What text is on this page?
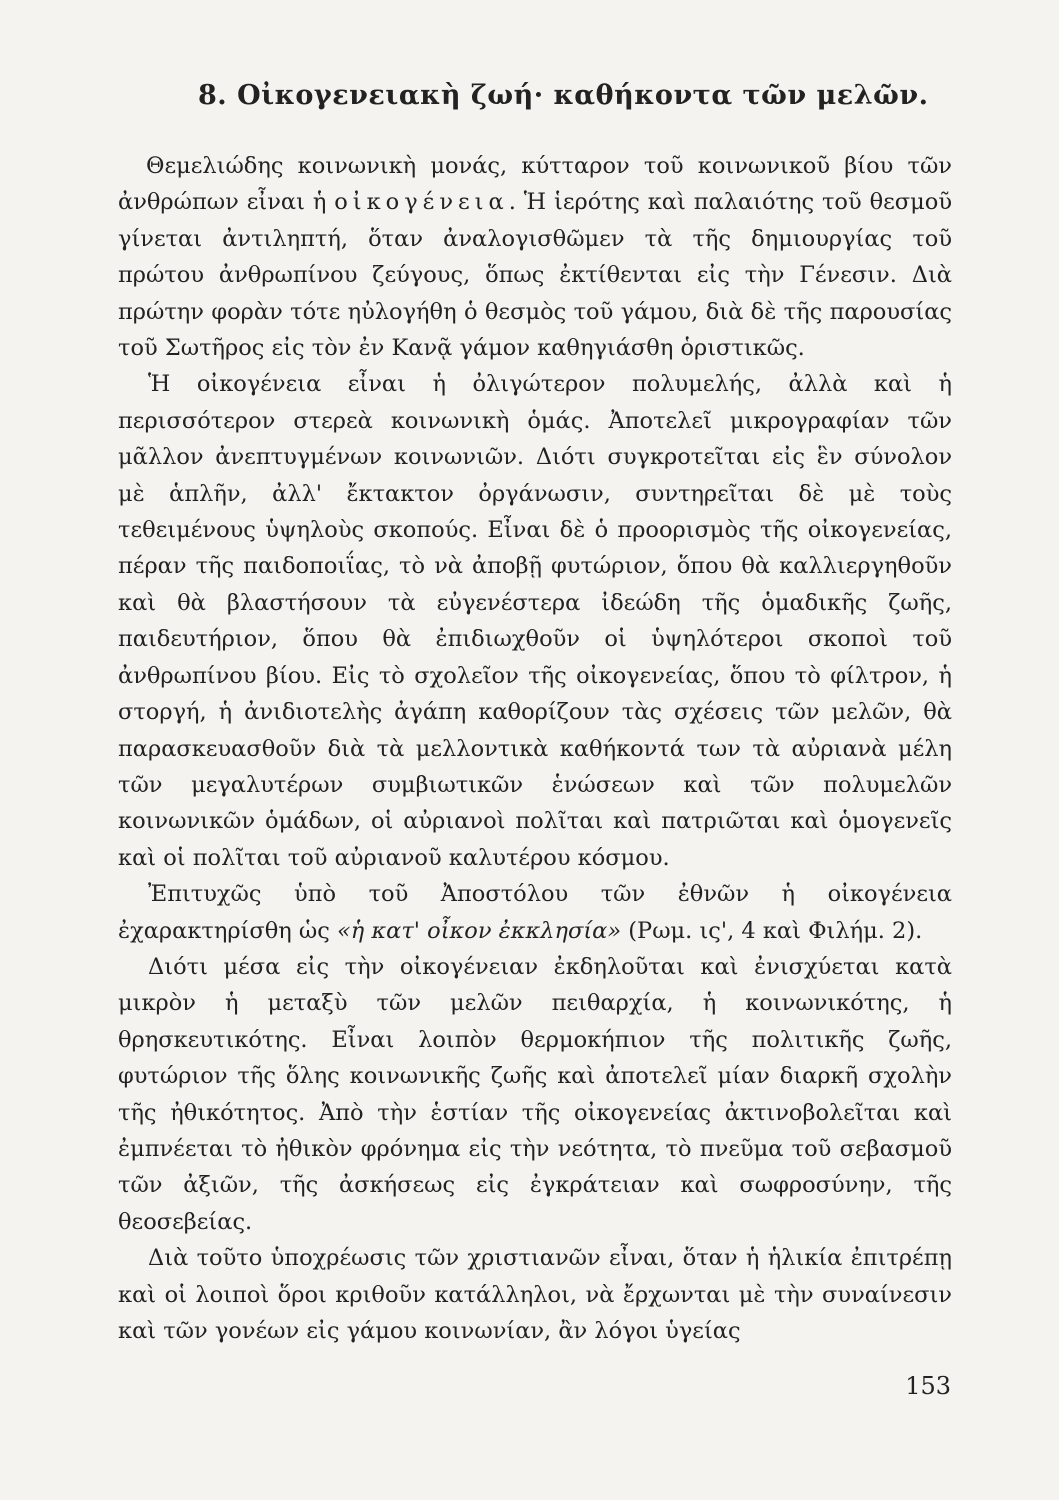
8. Οἰκογενειακὴ ζωή· καθήκοντα τῶν μελῶν.

Θεμελιώδης κοινωνικὴ μονάς, κύτταρον τοῦ κοινωνικοῦ βίου τῶν ἀνθρώπων εἶναι ἡ οἰκογένεια. Ἡ ἱερότης καὶ παλαιότης τοῦ θεσμοῦ γίνεται ἀντιληπτή, ὅταν ἀναλογισθῶμεν τὰ τῆς δημιουργίας τοῦ πρώτου ἀνθρωπίνου ζεύγους, ὅπως ἐκτίθενται εἰς τὴν Γένεσιν. Διὰ πρώτην φορὰν τότε ηὐλογήθη ὁ θεσμὸς τοῦ γάμου, διὰ δὲ τῆς παρουσίας τοῦ Σωτῆρος εἰς τὸν ἐν Κανᾷ γάμον καθηγιάσθη ὁριστικῶς.

Ἡ οἰκογένεια εἶναι ἡ ὀλιγώτερον πολυμελής, ἀλλὰ καὶ ἡ περισσότερον στερεὰ κοινωνικὴ ὁμάς. Ἀποτελεῖ μικρογραφίαν τῶν μᾶλλον ἀνεπτυγμένων κοινωνιῶν. Διότι συγκροτεῖται εἰς ἓν σύνολον μὲ ἁπλῆν, ἀλλ' ἔκτακτον ὀργάνωσιν, συντηρεῖται δὲ μὲ τοὺς τεθειμένους ὑψηλοὺς σκοπούς. Εἶναι δὲ ὁ προορισμὸς τῆς οἰκογενείας, πέραν τῆς παιδοποιΐας, τὸ νὰ ἀποβῇ φυτώριον, ὅπου θὰ καλλιεργηθοῦν καὶ θὰ βλαστήσουν τὰ εὐγενέστερα ἰδεώδη τῆς ὁμαδικῆς ζωῆς, παιδευτήριον, ὅπου θὰ ἐπιδιωχθοῦν οἱ ὑψηλότεροι σκοποὶ τοῦ ἀνθρωπίνου βίου. Εἰς τὸ σχολεῖον τῆς οἰκογενείας, ὅπου τὸ φίλτρον, ἡ στοργή, ἡ ἀνιδιοτελὴς ἀγάπη καθορίζουν τὰς σχέσεις τῶν μελῶν, θὰ παρασκευασθοῦν διὰ τὰ μελλοντικὰ καθήκοντά των τὰ αὐριανὰ μέλη τῶν μεγαλυτέρων συμβιωτικῶν ἑνώσεων καὶ τῶν πολυμελῶν κοινωνικῶν ὁμάδων, οἱ αὐριανοὶ πολῖται καὶ πατριῶται καὶ ὁμογενεῖς καὶ οἱ πολῖται τοῦ αὐριανοῦ καλυτέρου κόσμου.

Ἐπιτυχῶς ὑπὸ τοῦ Ἀποστόλου τῶν ἐθνῶν ἡ οἰκογένεια ἐχαρακτηρίσθη ὡς «ἡ κατ' οἶκον ἐκκλησία» (Ρωμ. ις', 4 καὶ Φιλήμ. 2).

Διότι μέσα εἰς τὴν οἰκογένειαν ἐκδηλοῦται καὶ ἐνισχύεται κατὰ μικρὸν ἡ μεταξὺ τῶν μελῶν πειθαρχία, ἡ κοινωνικότης, ἡ θρησκευτικότης. Εἶναι λοιπὸν θερμοκήπιον τῆς πολιτικῆς ζωῆς, φυτώριον τῆς ὅλης κοινωνικῆς ζωῆς καὶ ἀποτελεῖ μίαν διαρκῆ σχολὴν τῆς ἠθικότητος. Ἀπὸ τὴν ἑστίαν τῆς οἰκογενείας ἀκτινοβολεῖται καὶ ἐμπνέεται τὸ ἠθικὸν φρόνημα εἰς τὴν νεότητα, τὸ πνεῦμα τοῦ σεβασμοῦ τῶν ἀξιῶν, τῆς ἀσκήσεως εἰς ἐγκράτειαν καὶ σωφροσύνην, τῆς θεοσεβείας.

Διὰ τοῦτο ὑποχρέωσις τῶν χριστιανῶν εἶναι, ὅταν ἡ ἡλικία ἐπιτρέπῃ καὶ οἱ λοιποὶ ὅροι κριθοῦν κατάλληλοι, νὰ ἔρχωνται μὲ τὴν συναίνεσιν καὶ τῶν γονέων εἰς γάμου κοινωνίαν, ἂν λόγοι ὑγείας

153
